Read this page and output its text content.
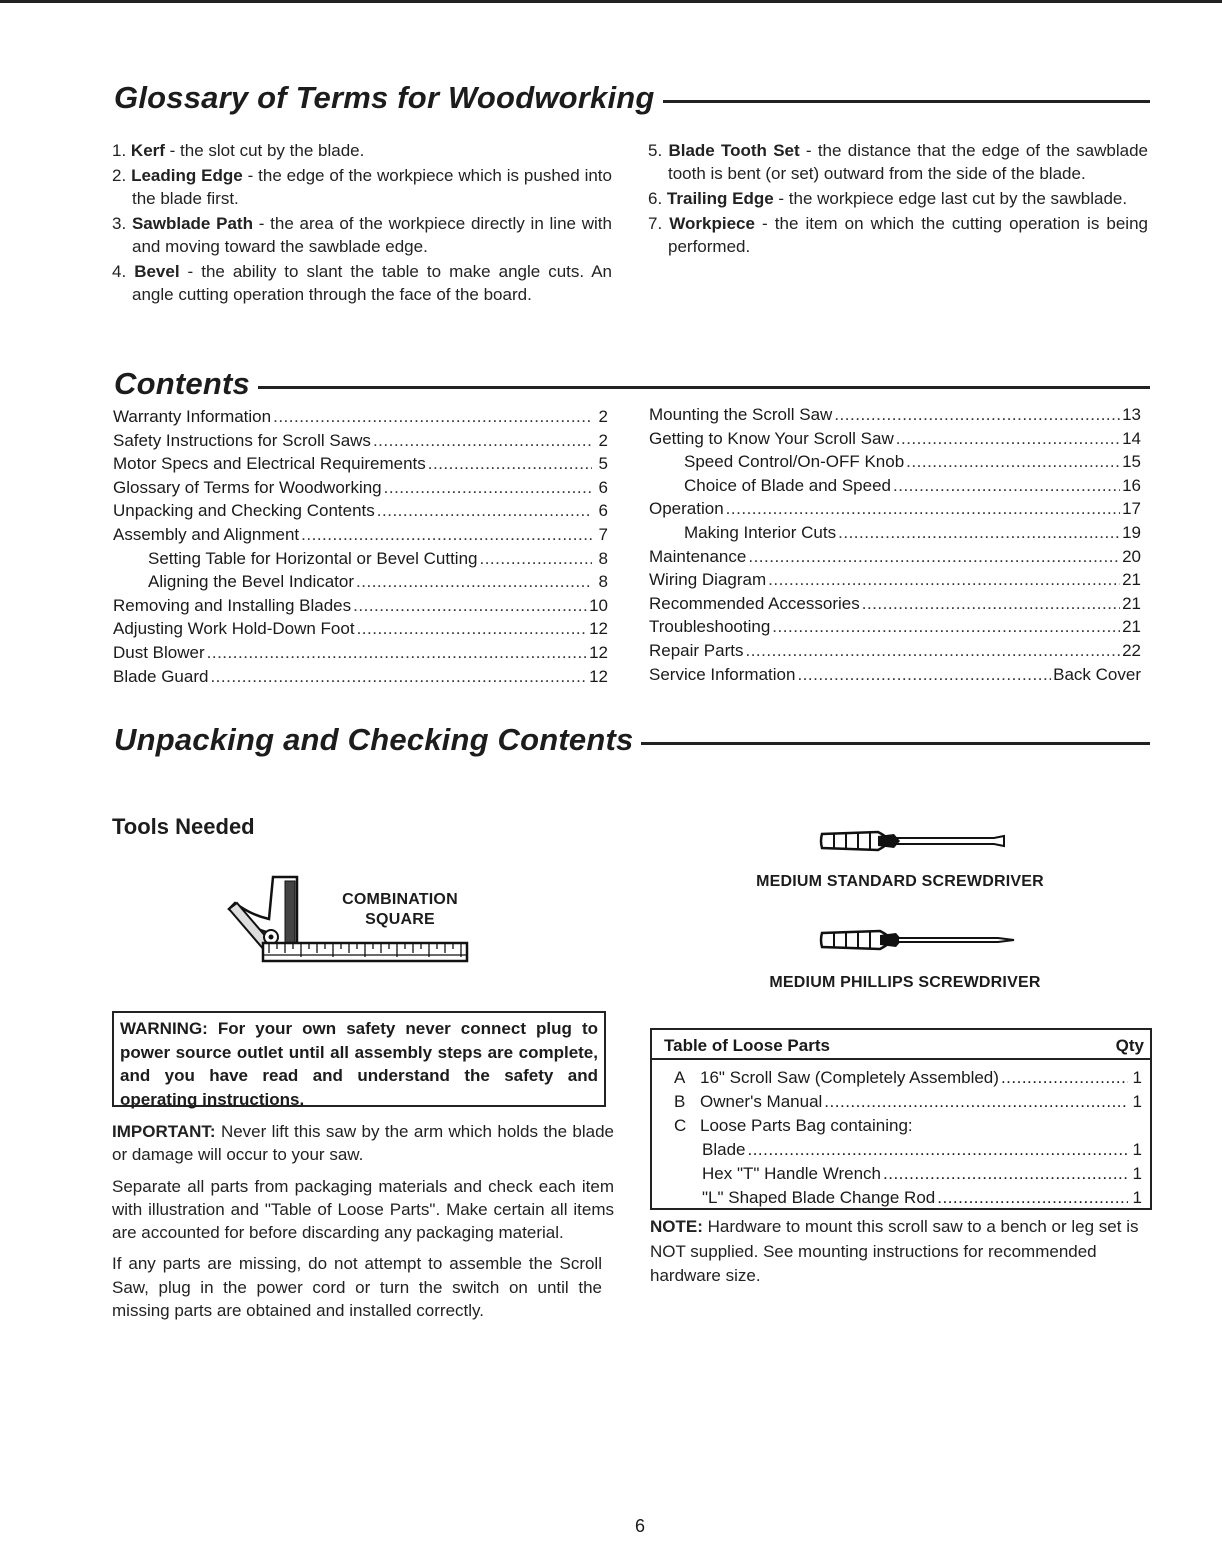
Glossary of Terms for Woodworking
1. Kerf - the slot cut by the blade.
2. Leading Edge - the edge of the workpiece which is pushed into the blade first.
3. Sawblade Path - the area of the workpiece directly in line with and moving toward the sawblade edge.
4. Bevel - the ability to slant the table to make angle cuts. An angle cutting operation through the face of the board.
5. Blade Tooth Set - the distance that the edge of the sawblade tooth is bent (or set) outward from the side of the blade.
6. Trailing Edge - the workpiece edge last cut by the sawblade.
7. Workpiece - the item on which the cutting operation is being performed.
Contents
Warranty Information .....	2
Safety Instructions for Scroll Saws .....	2
Motor Specs and Electrical Requirements .....	5
Glossary of Terms for Woodworking .....	6
Unpacking and Checking Contents .....	6
Assembly and Alignment .....	7
Setting Table for Horizontal or Bevel Cutting .....	8
Aligning the Bevel Indicator .....	8
Removing and Installing Blades .....	10
Adjusting Work Hold-Down Foot .....	12
Dust Blower .....	12
Blade Guard .....	12
Mounting the Scroll Saw .....	13
Getting to Know Your Scroll Saw .....	14
Speed Control/On-OFF Knob .....	15
Choice of Blade and Speed .....	16
Operation .....	17
Making Interior Cuts .....	19
Maintenance .....	20
Wiring Diagram .....	21
Recommended Accessories .....	21
Troubleshooting .....	21
Repair Parts .....	22
Service Information .....	Back Cover
Unpacking and Checking Contents
Tools Needed
COMBINATION
SQUARE
MEDIUM STANDARD SCREWDRIVER
MEDIUM PHILLIPS SCREWDRIVER
WARNING: For your own safety never connect plug to power source outlet until all assembly steps are complete, and you have read and understand the safety and operating instructions.

IMPORTANT: Never lift this saw by the arm which holds the blade or damage will occur to your saw.

Separate all parts from packaging materials and check each item with illustration and "Table of Loose Parts". Make certain all items are accounted for before discarding any packaging material.

If any parts are missing, do not attempt to assemble the Scroll Saw, plug in the power cord or turn the switch on until the missing parts are obtained and installed correctly.

Table of Loose Parts	Qty
A 16" Scroll Saw (Completely Assembled) .....	1
B Owner's Manual .....	1
C Loose Parts Bag containing:
Blade .....	1
Hex "T" Handle Wrench .....	1
"L" Shaped Blade Change Rod .....	1
NOTE: Hardware to mount this scroll saw to a bench or leg set is NOT supplied. See mounting instructions for recommended hardware size.
6
